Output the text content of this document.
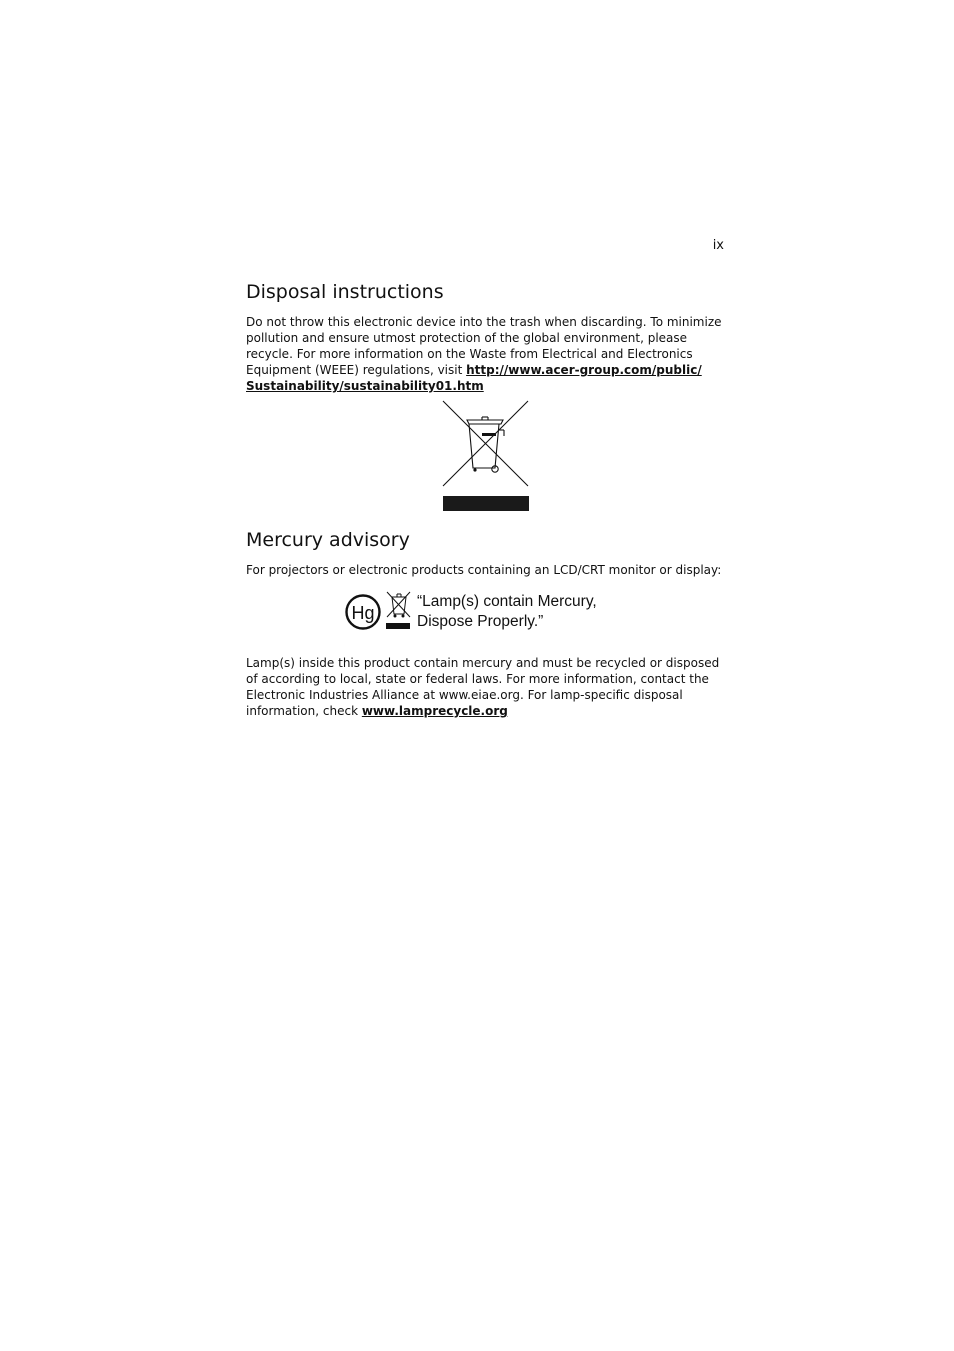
ix
Disposal instructions

Do not throw this electronic device into the trash when discarding. To minimize pollution and ensure utmost protection of the global environment, please recycle. For more information on the Waste from Electrical and Electronics Equipment (WEEE) regulations, visit http://www.acer-group.com/public/
Sustainability/sustainability01.htm

Mercury advisory

For projectors or electronic products containing an LCD/CRT monitor or display:

Hg

“Lamp(s) contain Mercury,
Dispose Properly.”

Lamp(s) inside this product contain mercury and must be recycled or disposed of according to local, state or federal laws. For more information, contact the Electronic Industries Alliance at www.eiae.org. For lamp-specific disposal information, check www.lamprecycle.org
